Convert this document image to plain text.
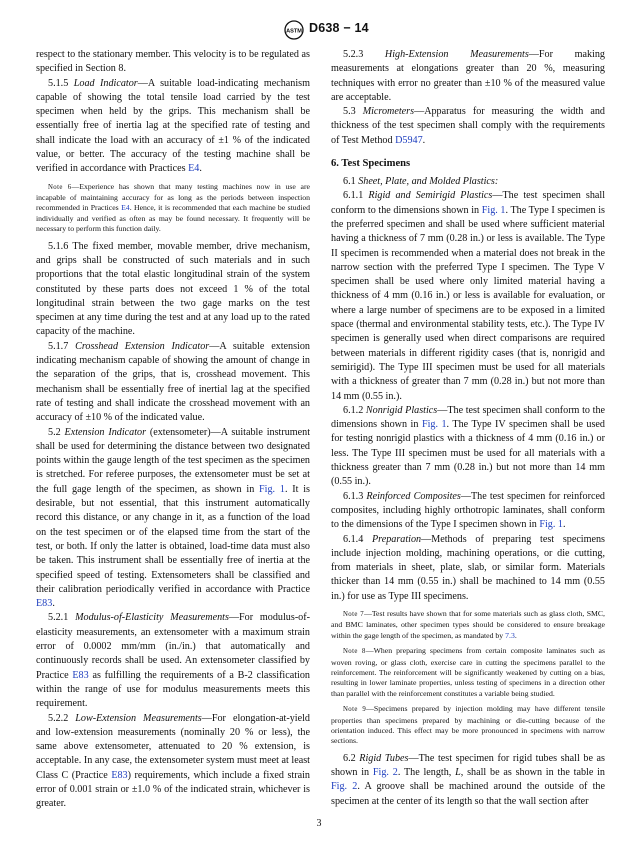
ASTM D638 − 14

respect to the stationary member. This velocity is to be regulated as specified in Section 8.

5.1.5 Load Indicator—A suitable load-indicating mechanism capable of showing the total tensile load carried by the test specimen when held by the grips. This mechanism shall be essentially free of inertia lag at the specified rate of testing and shall indicate the load with an accuracy of ±1 % of the indicated value, or better. The accuracy of the testing machine shall be verified in accordance with Practices E4.

Note 6—Experience has shown that many testing machines now in use are incapable of maintaining accuracy for as long as the periods between inspection recommended in Practices E4. Hence, it is recommended that each machine be studied individually and verified as often as may be found necessary. It frequently will be necessary to perform this function daily.

5.1.6 The fixed member, movable member, drive mechanism, and grips shall be constructed of such materials and in such proportions that the total elastic longitudinal strain of the system constituted by these parts does not exceed 1 % of the total longitudinal strain between the two gage marks on the test specimen at any time during the test and at any load up to the rated capacity of the machine.

5.1.7 Crosshead Extension Indicator—A suitable extension indicating mechanism capable of showing the amount of change in the separation of the grips, that is, crosshead movement. This mechanism shall be essentially free of inertial lag at the specified rate of testing and shall indicate the crosshead movement with an accuracy of ±10 % of the indicated value.

5.2 Extension Indicator (extensometer)—A suitable instrument shall be used for determining the distance between two designated points within the gauge length of the test specimen as the specimen is stretched. For referee purposes, the extensometer must be set at the full gage length of the specimen, as shown in Fig. 1. It is desirable, but not essential, that this instrument automatically record this distance, or any change in it, as a function of the load on the test specimen or of the elapsed time from the start of the test, or both. If only the latter is obtained, load-time data must also be taken. This instrument shall be essentially free of inertia at the specified speed of testing. Extensometers shall be classified and their calibration periodically verified in accordance with Practice E83.

5.2.1 Modulus-of-Elasticity Measurements—For modulus-of-elasticity measurements, an extensometer with a maximum strain error of 0.0002 mm/mm (in./in.) that automatically and continuously records shall be used. An extensometer classified by Practice E83 as fulfilling the requirements of a B-2 classification within the range of use for modulus measurements meets this requirement.

5.2.2 Low-Extension Measurements—For elongation-at-yield and low-extension measurements (nominally 20 % or less), the same above extensometer, attenuated to 20 % extension, is acceptable. In any case, the extensometer system must meet at least Class C (Practice E83) requirements, which include a fixed strain error of 0.001 strain or ±1.0 % of the indicated strain, whichever is greater.

5.2.3 High-Extension Measurements—For making measurements at elongations greater than 20 %, measuring techniques with error no greater than ±10 % of the measured value are acceptable.

5.3 Micrometers—Apparatus for measuring the width and thickness of the test specimen shall comply with the requirements of Test Method D5947.

6. Test Specimens

6.1 Sheet, Plate, and Molded Plastics:

6.1.1 Rigid and Semirigid Plastics—The test specimen shall conform to the dimensions shown in Fig. 1. The Type I specimen is the preferred specimen and shall be used where sufficient material having a thickness of 7 mm (0.28 in.) or less is available. The Type II specimen is recommended when a material does not break in the narrow section with the preferred Type I specimen. The Type V specimen shall be used where only limited material having a thickness of 4 mm (0.16 in.) or less is available for evaluation, or where a large number of specimens are to be exposed in a limited space (thermal and environmental stability tests, etc.). The Type IV specimen is generally used when direct comparisons are required between materials in different rigidity cases (that is, nonrigid and semirigid). The Type III specimen must be used for all materials with a thickness of greater than 7 mm (0.28 in.) but not more than 14 mm (0.55 in.).

6.1.2 Nonrigid Plastics—The test specimen shall conform to the dimensions shown in Fig. 1. The Type IV specimen shall be used for testing nonrigid plastics with a thickness of 4 mm (0.16 in.) or less. The Type III specimen must be used for all materials with a thickness greater than 7 mm (0.28 in.) but not more than 14 mm (0.55 in.).

6.1.3 Reinforced Composites—The test specimen for reinforced composites, including highly orthotropic laminates, shall conform to the dimensions of the Type I specimen shown in Fig. 1.

6.1.4 Preparation—Methods of preparing test specimens include injection molding, machining operations, or die cutting, from materials in sheet, plate, slab, or similar form. Materials thicker than 14 mm (0.55 in.) shall be machined to 14 mm (0.55 in.) for use as Type III specimens.

Note 7—Test results have shown that for some materials such as glass cloth, SMC, and BMC laminates, other specimen types should be considered to ensure breakage within the gage length of the specimen, as mandated by 7.3.

Note 8—When preparing specimens from certain composite laminates such as woven roving, or glass cloth, exercise care in cutting the specimens parallel to the reinforcement. The reinforcement will be significantly weakened by cutting on a bias, resulting in lower laminate properties, unless testing of specimens in a direction other than parallel with the reinforcement constitutes a variable being studied.

Note 9—Specimens prepared by injection molding may have different tensile properties than specimens prepared by machining or die-cutting because of the orientation induced. This effect may be more pronounced in specimens with narrow sections.

6.2 Rigid Tubes—The test specimen for rigid tubes shall be as shown in Fig. 2. The length, L, shall be as shown in the table in Fig. 2. A groove shall be machined around the outside of the specimen at the center of its length so that the wall section after

3
